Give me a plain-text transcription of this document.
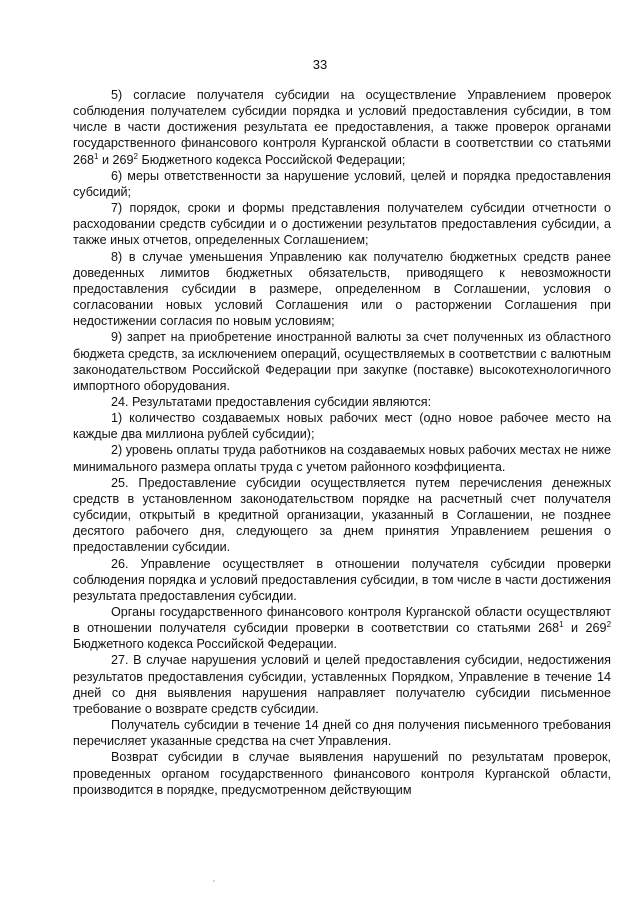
33

5) согласие получателя субсидии на осуществление Управлением проверок соблюдения получателем субсидии порядка и условий предоставления субсидии, в том числе в части достижения результата ее предоставления, а также проверок органами государственного финансового контроля Курганской области в соответствии со статьями $268^1$ и $269^2$ Бюджетного кодекса Российской Федерации;

6) меры ответственности за нарушение условий, целей и порядка предоставления субсидий;

7) порядок, сроки и формы представления получателем субсидии отчетности о расходовании средств субсидии и о достижении результатов предоставления субсидии, а также иных отчетов, определенных Соглашением;

8) в случае уменьшения Управлению как получателю бюджетных средств ранее доведенных лимитов бюджетных обязательств, приводящего к невозможности предоставления субсидии в размере, определенном в Соглашении, условия о согласовании новых условий Соглашения или о расторжении Соглашения при недостижении согласия по новым условиям;

9) запрет на приобретение иностранной валюты за счет полученных из областного бюджета средств, за исключением операций, осуществляемых в соответствии с валютным законодательством Российской Федерации при закупке (поставке) высокотехнологичного импортного оборудования.

24. Результатами предоставления субсидии являются:

1) количество создаваемых новых рабочих мест (одно новое рабочее место на каждые два миллиона рублей субсидии);

2) уровень оплаты труда работников на создаваемых новых рабочих местах не ниже минимального размера оплаты труда с учетом районного коэффициента.

25. Предоставление субсидии осуществляется путем перечисления денежных средств в установленном законодательством порядке на расчетный счет получателя субсидии, открытый в кредитной организации, указанный в Соглашении, не позднее десятого рабочего дня, следующего за днем принятия Управлением решения о предоставлении субсидии.

26. Управление осуществляет в отношении получателя субсидии проверки соблюдения порядка и условий предоставления субсидии, в том числе в части достижения результата предоставления субсидии.

Органы государственного финансового контроля Курганской области осуществляют в отношении получателя субсидии проверки в соответствии со статьями $268^1$ и $269^2$ Бюджетного кодекса Российской Федерации.

27. В случае нарушения условий и целей предоставления субсидии, недостижения результатов предоставления субсидии, уставленных Порядком, Управление в течение 14 дней со дня выявления нарушения направляет получателю субсидии письменное требование о возврате средств субсидии.

Получатель субсидии в течение 14 дней со дня получения письменного требования перечисляет указанные средства на счет Управления.

Возврат субсидии в случае выявления нарушений по результатам проверок, проведенных органом государственного финансового контроля Курганской области, производится в порядке, предусмотренном действующим
